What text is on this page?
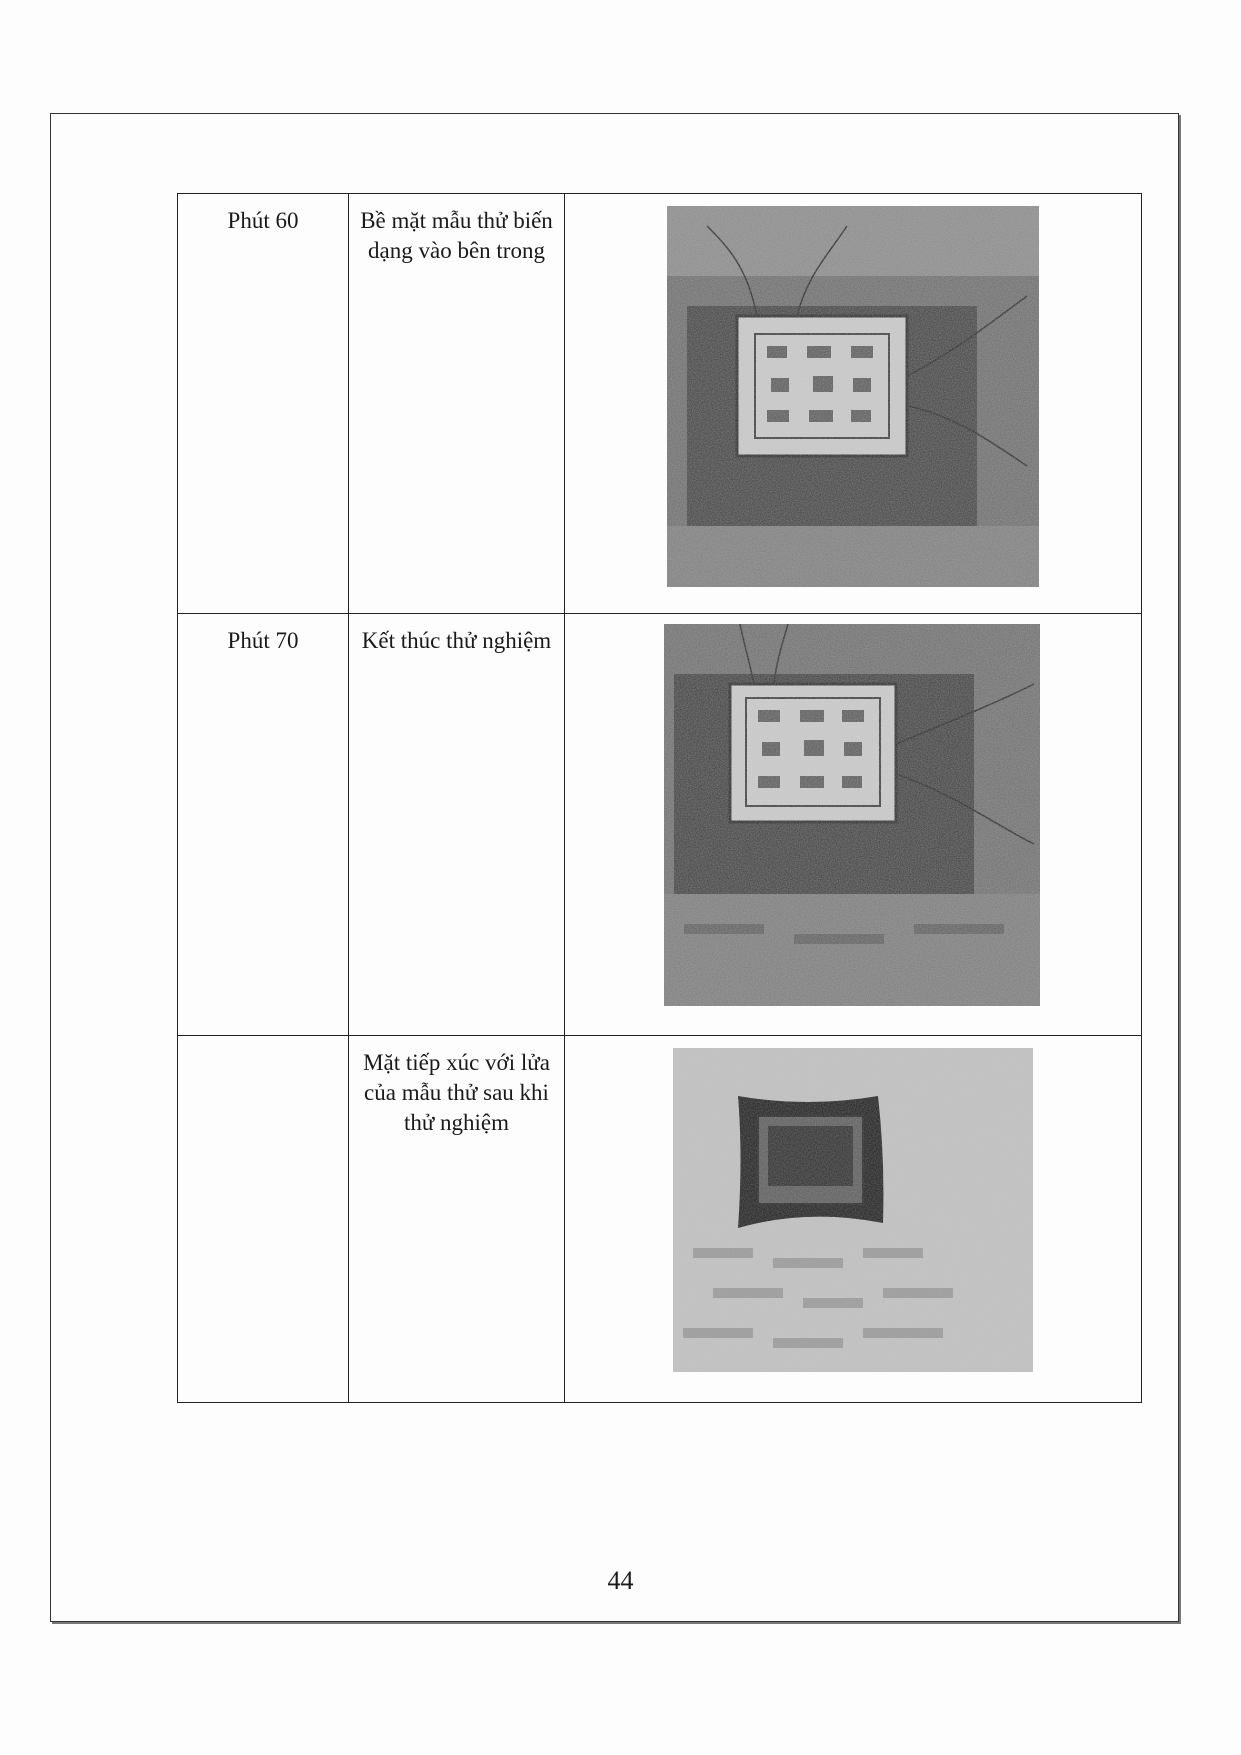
Phút 60	Bề mặt mẫu thử biến dạng vào bên trong

Phút 70	Kết thúc thử nghiệm

	Mặt tiếp xúc với lửa của mẫu thử sau khi thử nghiệm

44
